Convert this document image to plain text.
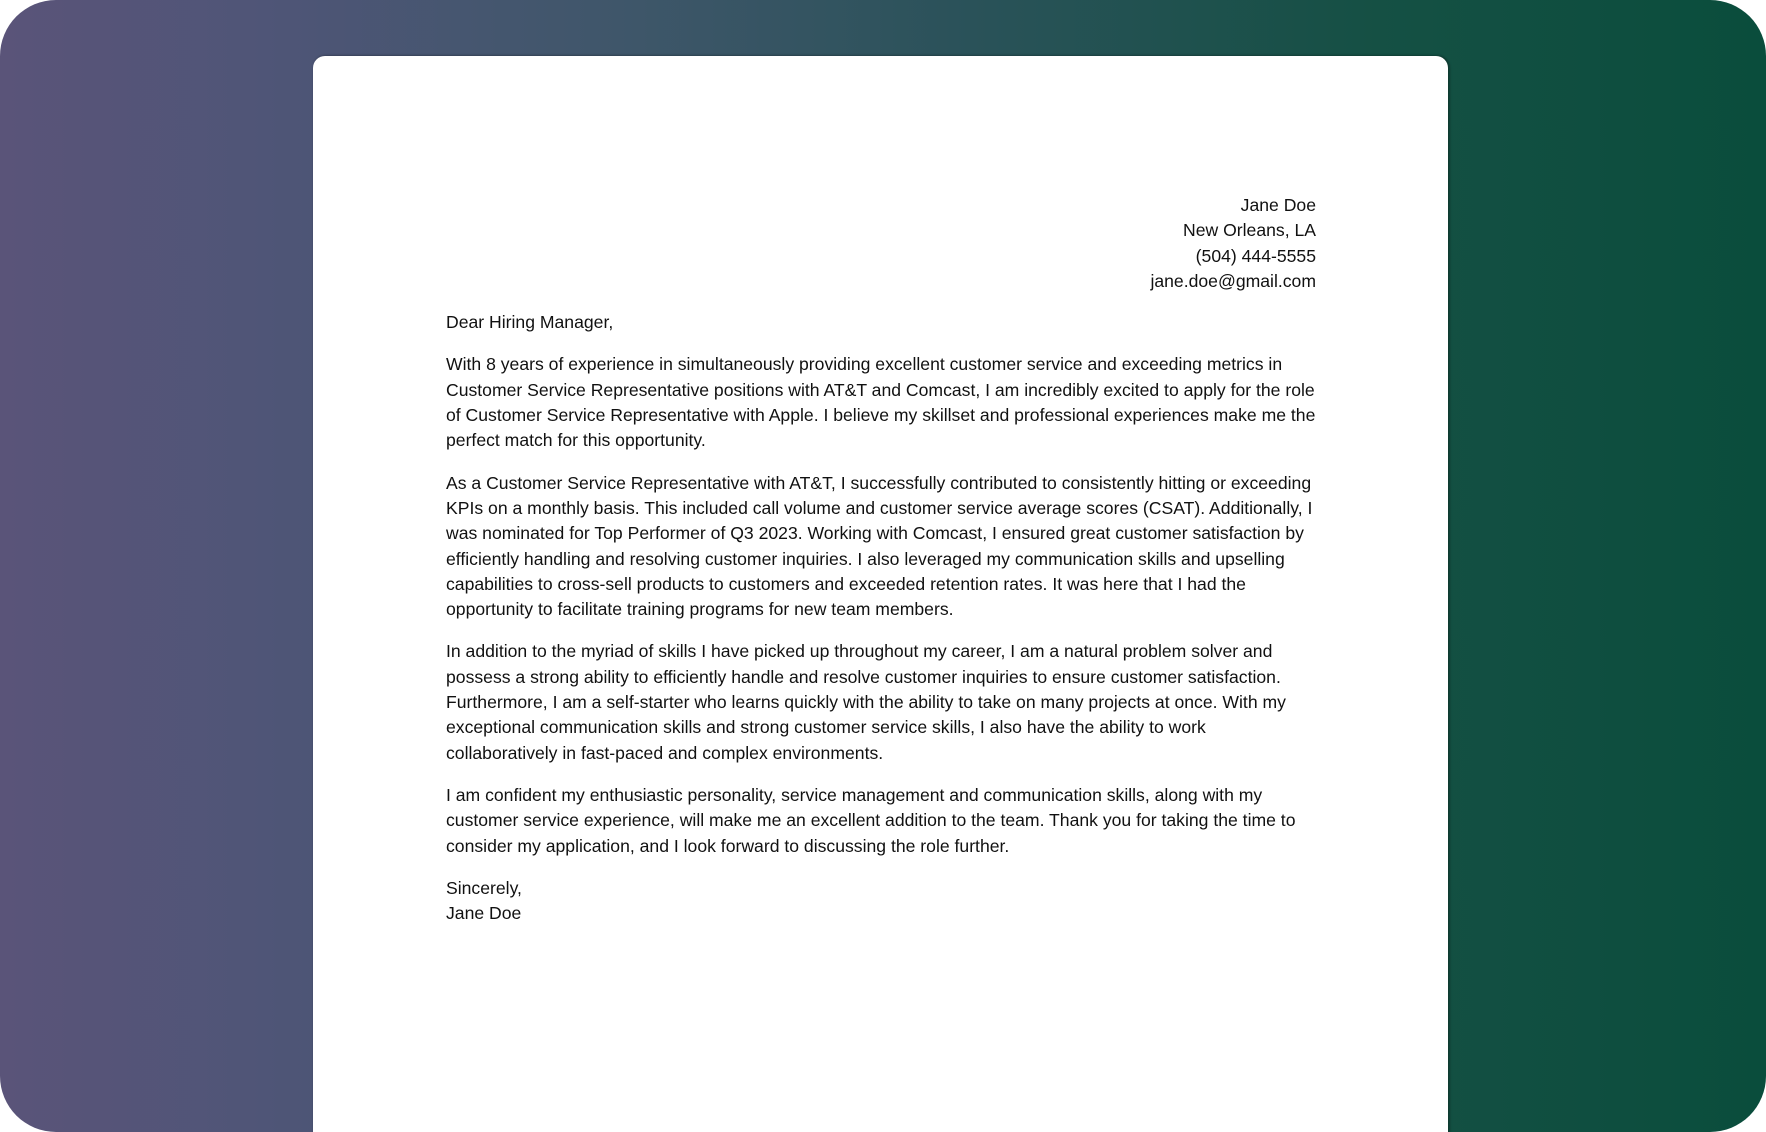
Jane Doe
New Orleans, LA
(504) 444-5555
jane.doe@gmail.com

Dear Hiring Manager,

With 8 years of experience in simultaneously providing excellent customer service and exceeding metrics in Customer Service Representative positions with AT&T and Comcast, I am incredibly excited to apply for the role of Customer Service Representative with Apple. I believe my skillset and professional experiences make me the perfect match for this opportunity.

As a Customer Service Representative with AT&T, I successfully contributed to consistently hitting or exceeding KPIs on a monthly basis. This included call volume and customer service average scores (CSAT). Additionally, I was nominated for Top Performer of Q3 2023. Working with Comcast, I ensured great customer satisfaction by efficiently handling and resolving customer inquiries. I also leveraged my communication skills and upselling capabilities to cross-sell products to customers and exceeded retention rates. It was here that I had the opportunity to facilitate training programs for new team members.

In addition to the myriad of skills I have picked up throughout my career, I am a natural problem solver and possess a strong ability to efficiently handle and resolve customer inquiries to ensure customer satisfaction. Furthermore, I am a self-starter who learns quickly with the ability to take on many projects at once. With my exceptional communication skills and strong customer service skills, I also have the ability to work collaboratively in fast-paced and complex environments.

I am confident my enthusiastic personality, service management and communication skills, along with my customer service experience, will make me an excellent addition to the team. Thank you for taking the time to consider my application, and I look forward to discussing the role further.

Sincerely,
Jane Doe
